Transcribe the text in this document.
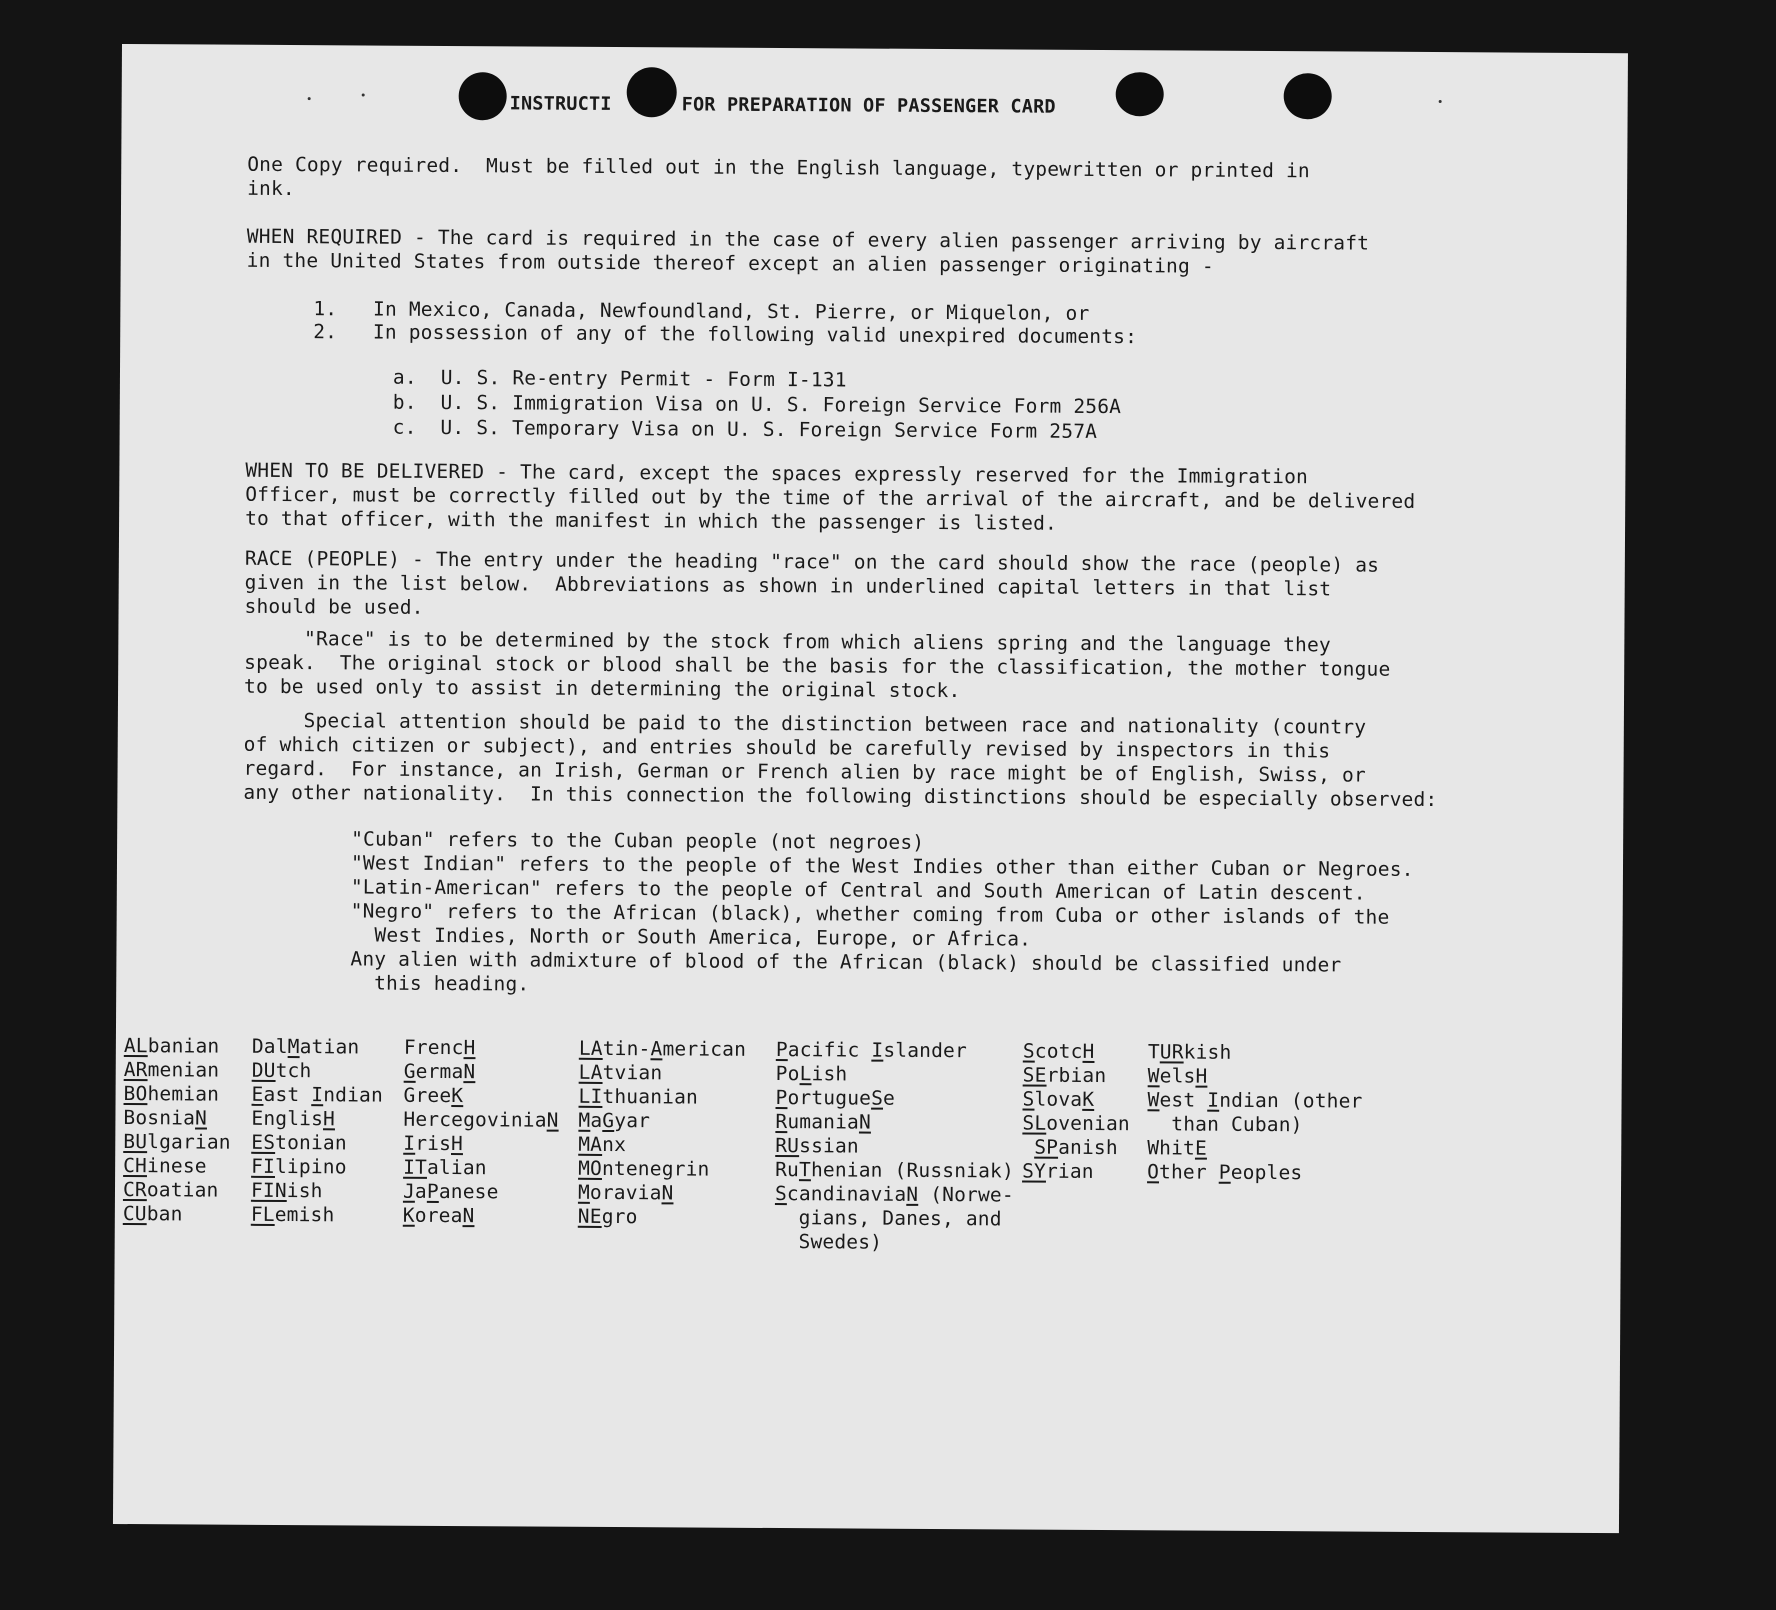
INSTRUCTI	FOR PREPARATION OF PASSENGER CARD
One Copy required.  Must be filled out in the English language, typewritten or printed in
ink.
WHEN REQUIRED - The card is required in the case of every alien passenger arriving by aircraft
in the United States from outside thereof except an alien passenger originating -
1.   In Mexico, Canada, Newfoundland, St. Pierre, or Miquelon, or
2.   In possession of any of the following valid unexpired documents:
a.  U. S. Re-entry Permit - Form I-131
b.  U. S. Immigration Visa on U. S. Foreign Service Form 256A
c.  U. S. Temporary Visa on U. S. Foreign Service Form 257A
WHEN TO BE DELIVERED - The card, except the spaces expressly reserved for the Immigration
Officer, must be correctly filled out by the time of the arrival of the aircraft, and be delivered
to that officer, with the manifest in which the passenger is listed.
RACE (PEOPLE) - The entry under the heading "race" on the card should show the race (people) as
given in the list below.  Abbreviations as shown in underlined capital letters in that list
should be used.
"Race" is to be determined by the stock from which aliens spring and the language they
speak.  The original stock or blood shall be the basis for the classification, the mother tongue
to be used only to assist in determining the original stock.
Special attention should be paid to the distinction between race and nationality (country
of which citizen or subject), and entries should be carefully revised by inspectors in this
regard.  For instance, an Irish, German or French alien by race might be of English, Swiss, or
any other nationality.  In this connection the following distinctions should be especially observed:
"Cuban" refers to the Cuban people (not negroes)
"West Indian" refers to the people of the West Indies other than either Cuban or Negroes.
"Latin-American" refers to the people of Central and South American of Latin descent.
"Negro" refers to the African (black), whether coming from Cuba or other islands of the
West Indies, North or South America, Europe, or Africa.
Any alien with admixture of blood of the African (black) should be classified under
this heading.
ALbanian
ARmenian
BOhemian
BosniaN
BUlgarian
CHinese
CRoatian
CUban
DalMatian
DUtch
East Indian
EnglisH
EStonian
FIlipino
FINish
FLemish
FrencH
GermaN
GreeK
HercegoviniaN
IrisH
ITalian
JaPanese
KoreaN
LAtin-American
LAtvian
LIthuanian
MaGyar
MAnx
MOntenegrin
MoraviaN
NEgro
Pacific Islander
PoLish
PortugueSe
RumaniaN
RUssian
RuThenian (Russniak)
ScandinaviaN (Norwe-
gians, Danes, and
Swedes)
ScotcH
SErbian
SlovaK
SLovenian
SPanish
SYrian
TURkish
WelsH
West Indian (other
than Cuban)
WhitE
Other Peoples
